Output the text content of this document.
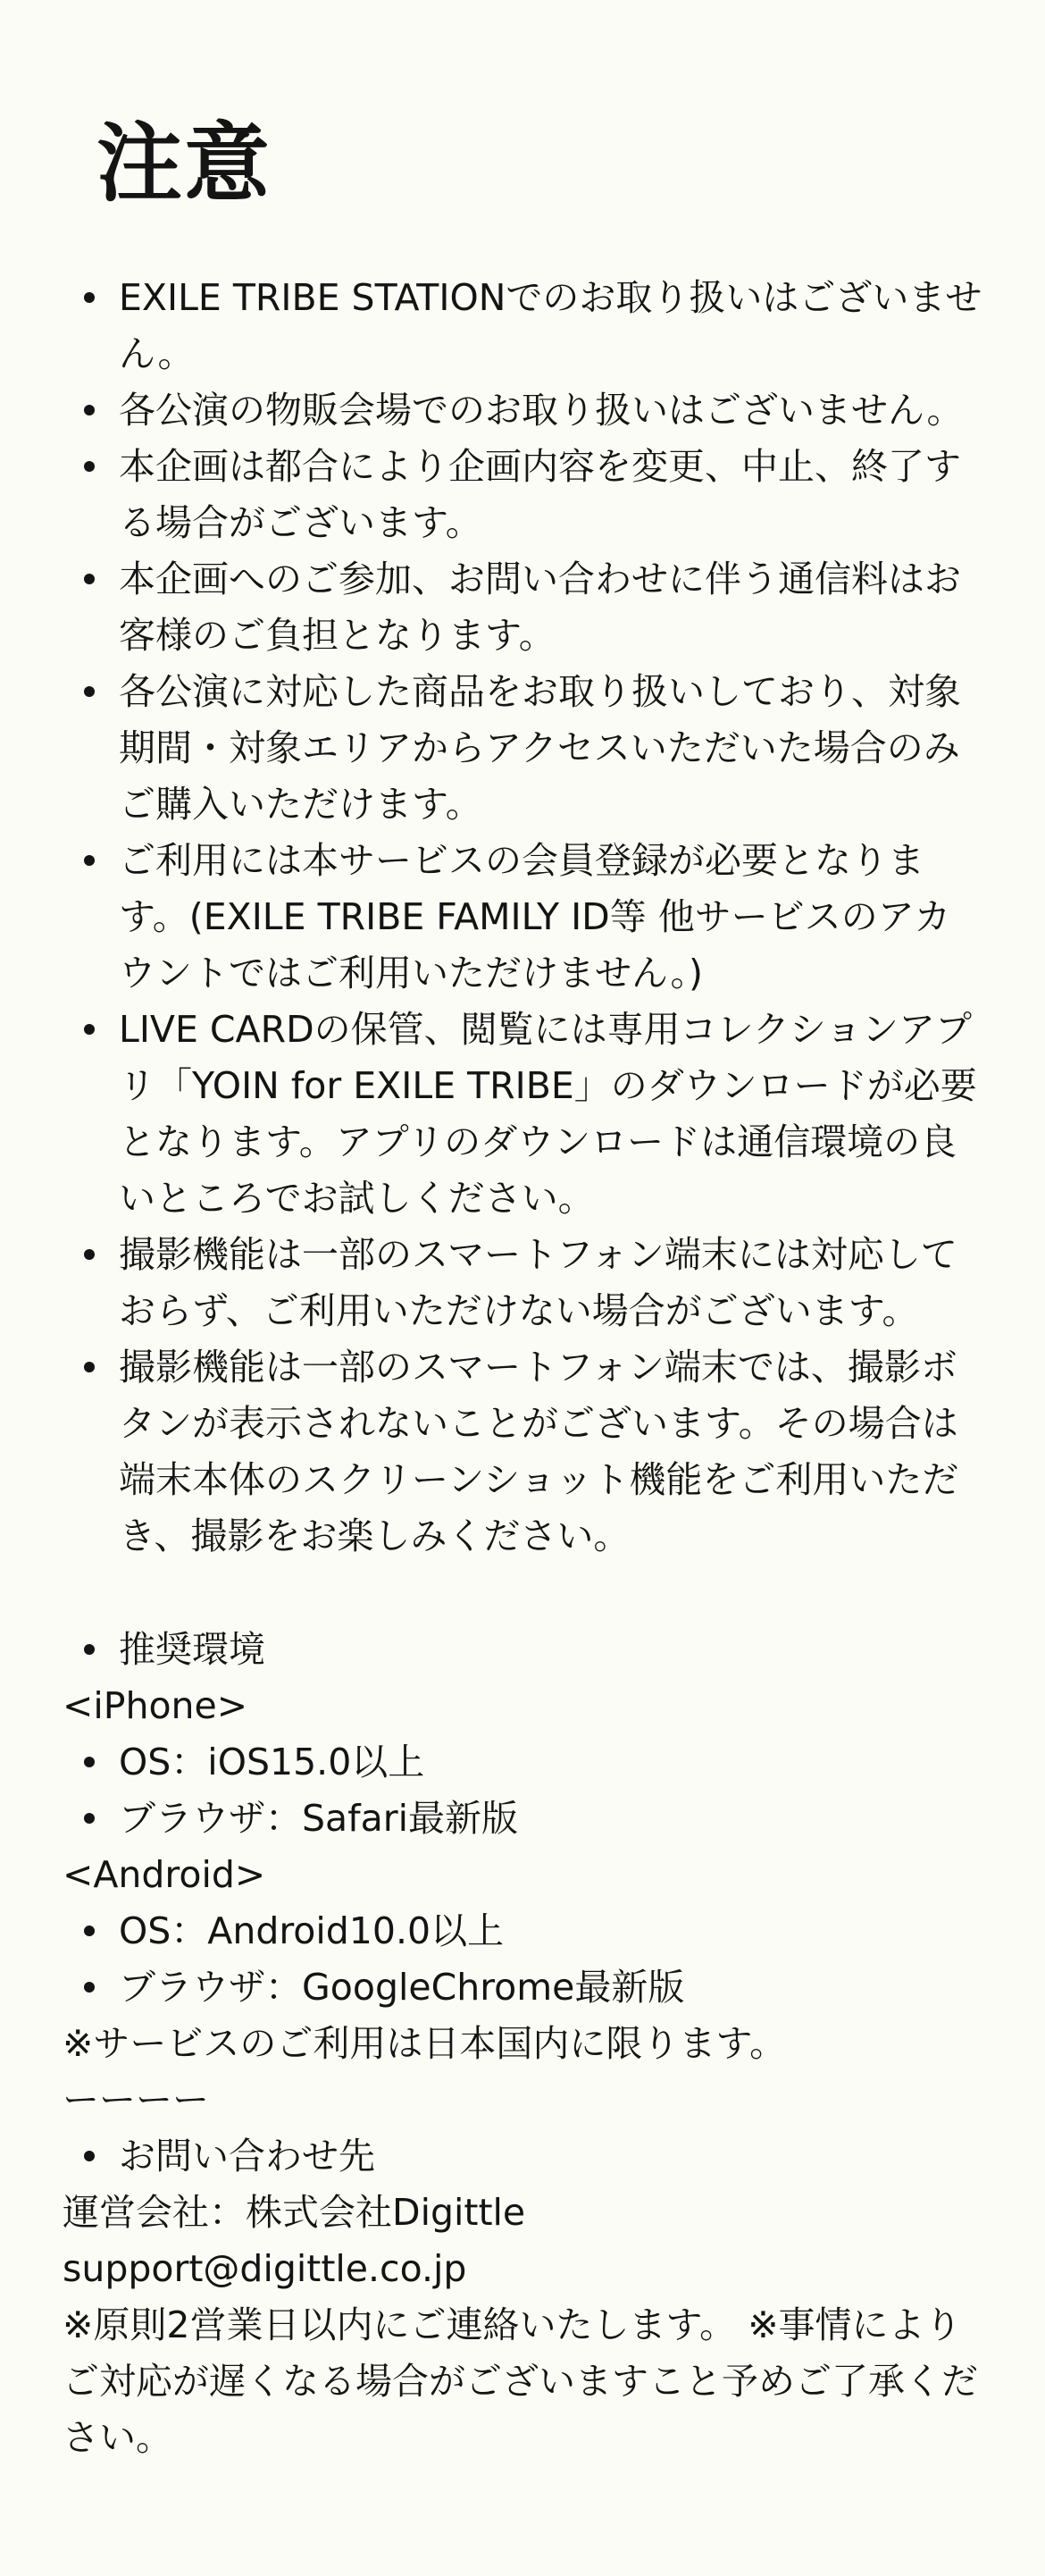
注意
EXILE TRIBE STATIONでのお取り扱いはございません。
各公演の物販会場でのお取り扱いはございません。
本企画は都合により企画内容を変更、中止、終了する場合がございます。
本企画へのご参加、お問い合わせに伴う通信料はお客様のご負担となります。
各公演に対応した商品をお取り扱いしており、対象期間・対象エリアからアクセスいただいた場合のみご購入いただけます。
ご利用には本サービスの会員登録が必要となります。(EXILE TRIBE FAMILY ID等 他サービスのアカウントではご利用いただけません。)
LIVE CARDの保管、閲覧には専用コレクションアプリ「YOIN for EXILE TRIBE」のダウンロードが必要となります。アプリのダウンロードは通信環境の良いところでお試しください。
撮影機能は一部のスマートフォン端末には対応しておらず、ご利用いただけない場合がございます。
撮影機能は一部のスマートフォン端末では、撮影ボタンが表示されないことがございます。その場合は端末本体のスクリーンショット機能をご利用いただき、撮影をお楽しみください。
推奨環境
<iPhone>
OS：iOS15.0以上
ブラウザ：Safari最新版
<Android>
OS：Android10.0以上
ブラウザ：GoogleChrome最新版
※サービスのご利用は日本国内に限ります。
ーーーー
お問い合わせ先
運営会社：株式会社Digittle
support@digittle.co.jp
※原則2営業日以内にご連絡いたします。 ※事情によりご対応が遅くなる場合がございますこと予めご了承ください。
